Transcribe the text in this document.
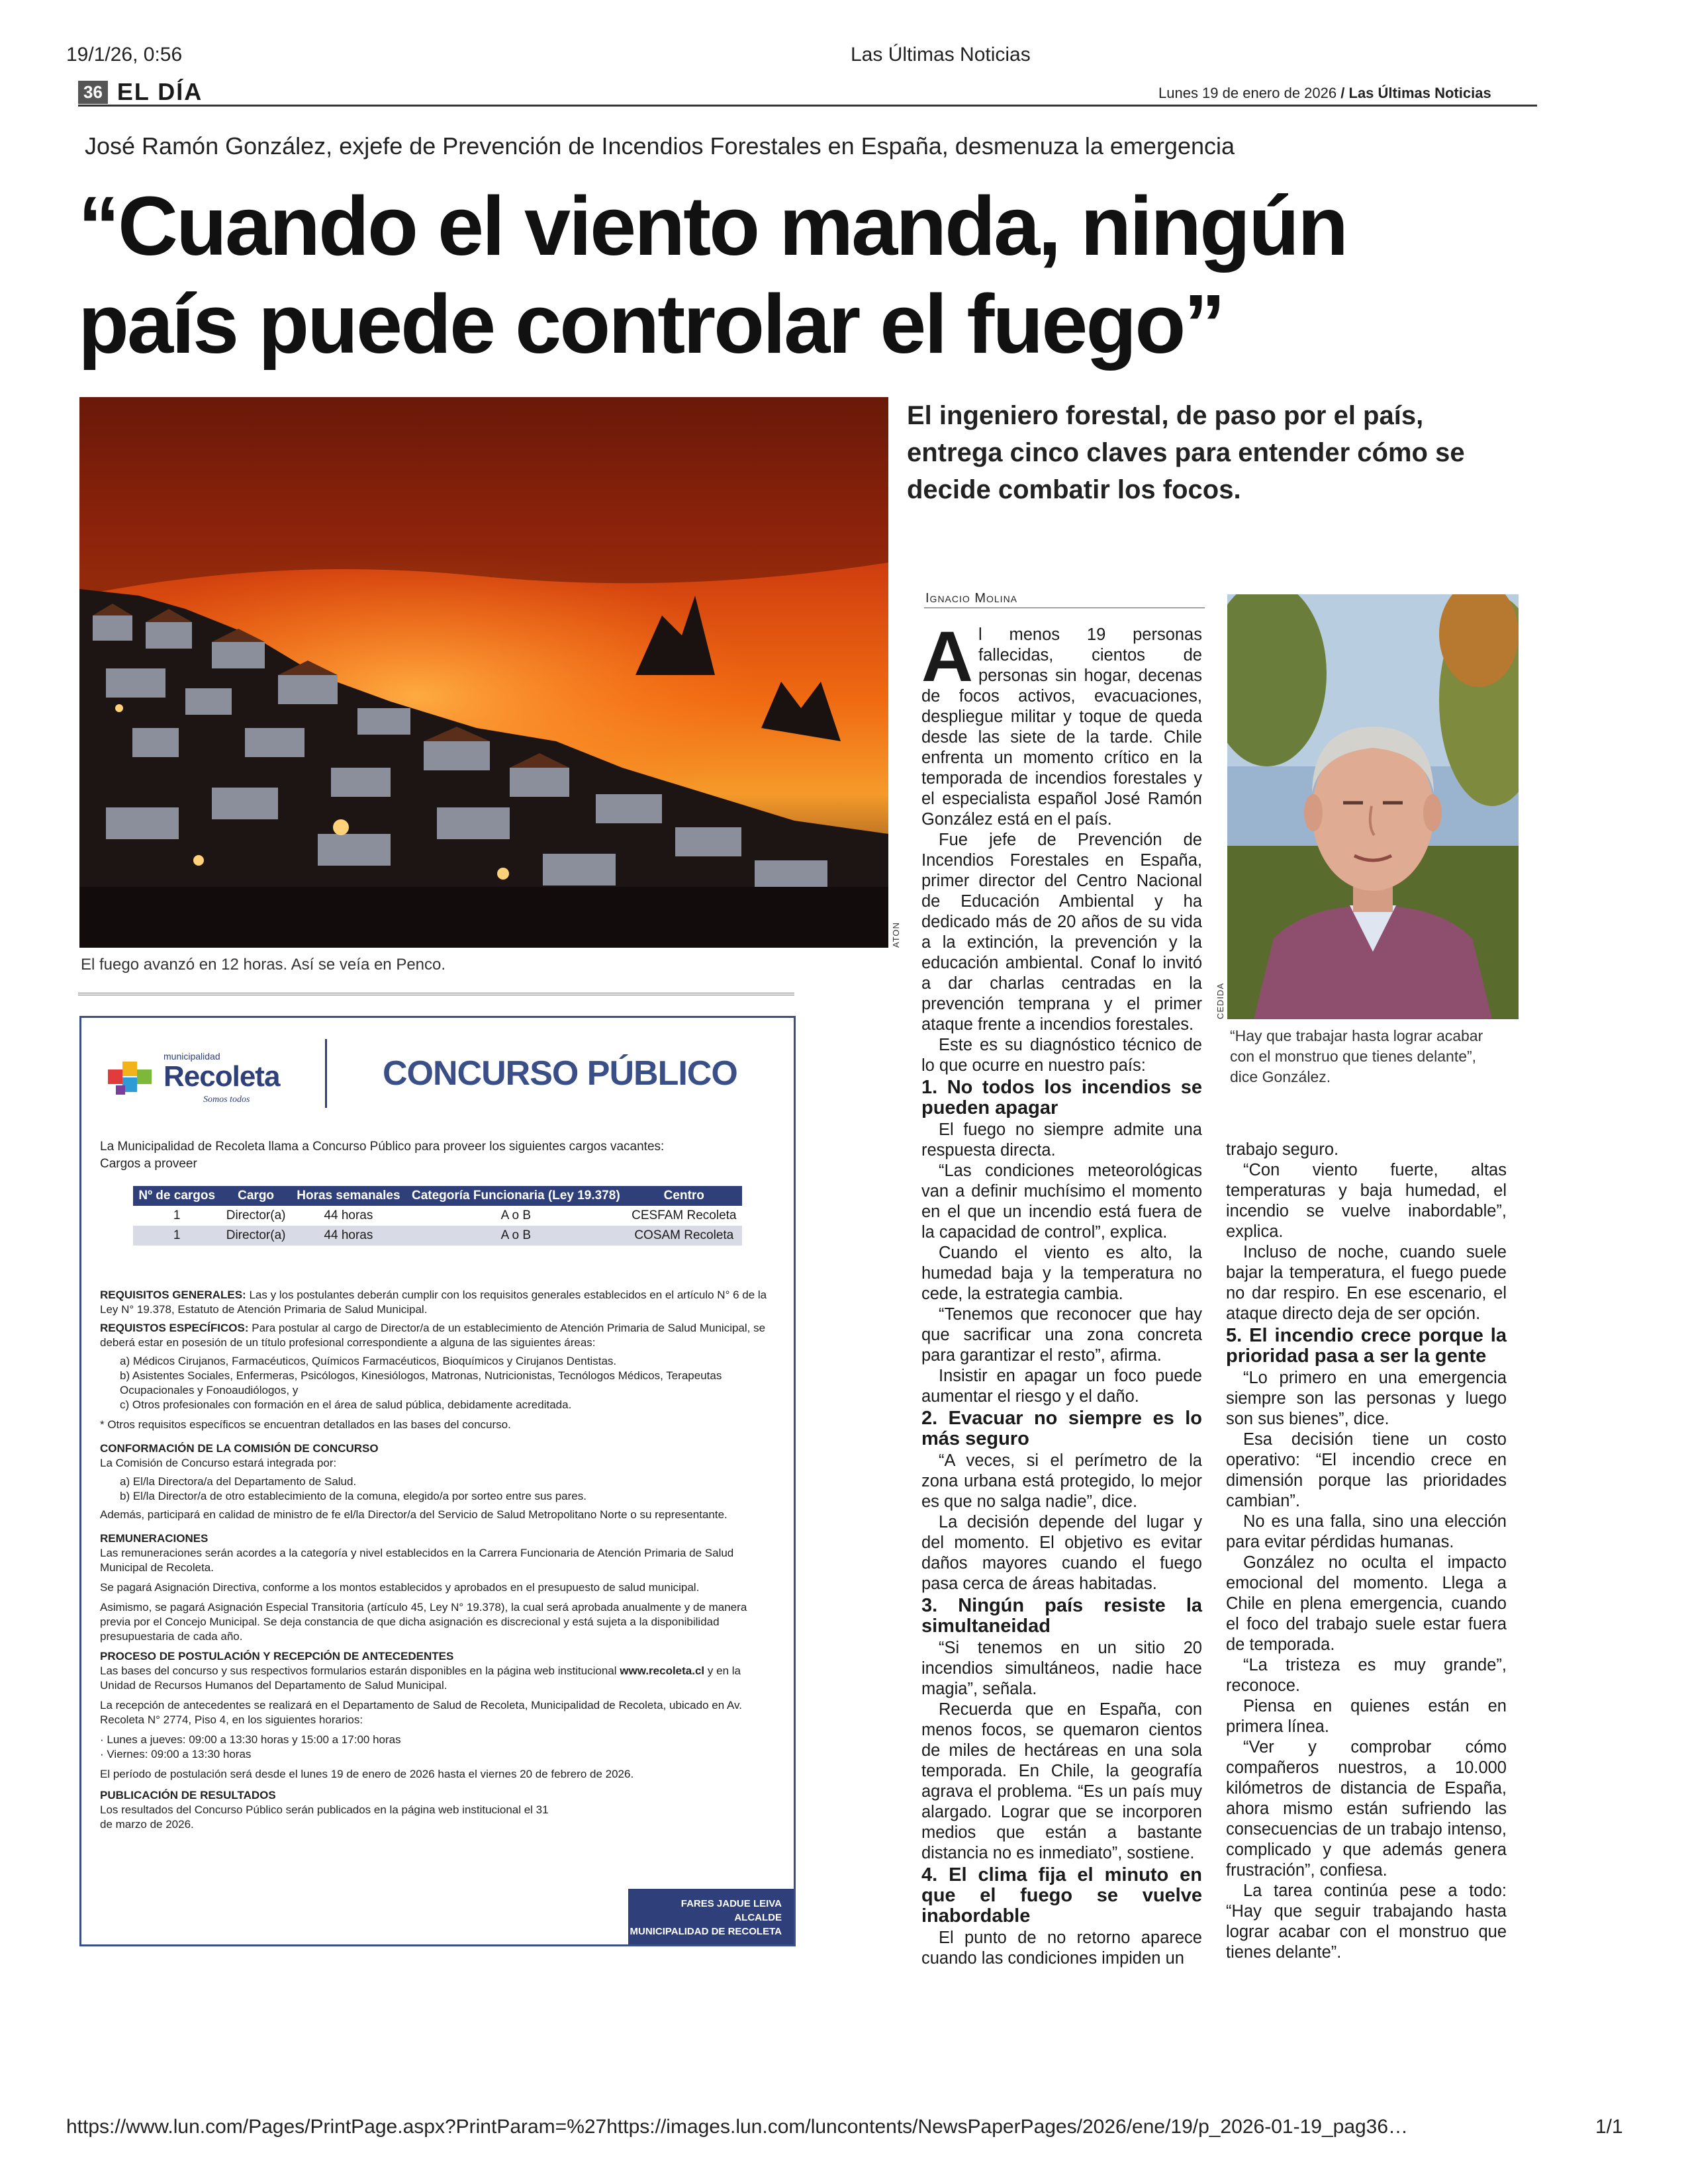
19/1/26, 0:56	Las Últimas Noticias
36 EL DÍA	Lunes 19 de enero de 2026 / Las Últimas Noticias
José Ramón González, exjefe de Prevención de Incendios Forestales en España, desmenuza la emergencia
“Cuando el viento manda, ningún
país puede controlar el fuego”
ATON
El fuego avanzó en 12 horas. Así se veía en Penco.
El ingeniero forestal, de paso por el país, entrega cinco claves para entender cómo se decide combatir los focos.
Ignacio Molina
CEDIDA
“Hay que trabajar hasta lograr acabar con el monstruo que tienes delante”, dice González.
A l menos 19 personas fallecidas, cientos de personas sin hogar, decenas de focos activos, evacuaciones, despliegue militar y toque de queda desde las siete de la tarde. Chile enfrenta un momento crítico en la temporada de incendios forestales y el especialista español José Ramón González está en el país.

Fue jefe de Prevención de Incendios Forestales en España, primer director del Centro Nacional de Educación Ambiental y ha dedicado más de 20 años de su vida a la extinción, la prevención y la educación ambiental. Conaf lo invitó a dar charlas centradas en la prevención temprana y el primer ataque frente a incendios forestales.

Este es su diagnóstico técnico de lo que ocurre en nuestro país:

1. No todos los incendios se pueden apagar

El fuego no siempre admite una respuesta directa.

“Las condiciones meteorológicas van a definir muchísimo el momento en el que un incendio está fuera de la capacidad de control”, explica.

Cuando el viento es alto, la humedad baja y la temperatura no cede, la estrategia cambia.

“Tenemos que reconocer que hay que sacrificar una zona concreta para garantizar el resto”, afirma.

Insistir en apagar un foco puede aumentar el riesgo y el daño.

2. Evacuar no siempre es lo más seguro

“A veces, si el perímetro de la zona urbana está protegido, lo mejor es que no salga nadie”, dice.

La decisión depende del lugar y del momento. El objetivo es evitar daños mayores cuando el fuego pasa cerca de áreas habitadas.

3. Ningún país resiste la simultaneidad

“Si tenemos en un sitio 20 incendios simultáneos, nadie hace magia”, señala.

Recuerda que en España, con menos focos, se quemaron cientos de miles de hectáreas en una sola temporada. En Chile, la geografía agrava el problema. “Es un país muy alargado. Lograr que se incorporen medios que están a bastante distancia no es inmediato”, sostiene.

4. El clima fija el minuto en que el fuego se vuelve inabordable

El punto de no retorno aparece cuando las condiciones impiden un

trabajo seguro.

“Con viento fuerte, altas temperaturas y baja humedad, el incendio se vuelve inabordable”, explica.

Incluso de noche, cuando suele bajar la temperatura, el fuego puede no dar respiro. En ese escenario, el ataque directo deja de ser opción.

5. El incendio crece porque la prioridad pasa a ser la gente

“Lo primero en una emergencia siempre son las personas y luego son sus bienes”, dice.

Esa decisión tiene un costo operativo: “El incendio crece en dimensión porque las prioridades cambian”.

No es una falla, sino una elección para evitar pérdidas humanas.

González no oculta el impacto emocional del momento. Llega a Chile en plena emergencia, cuando el foco del trabajo suele estar fuera de temporada.

“La tristeza es muy grande”, reconoce.

Piensa en quienes están en primera línea.

“Ver y comprobar cómo compañeros nuestros, a 10.000 kilómetros de distancia de España, ahora mismo están sufriendo las consecuencias de un trabajo intenso, complicado y que además genera frustración”, confiesa.

La tarea continúa pese a todo: “Hay que seguir trabajando hasta lograr acabar con el monstruo que tienes delante”.

municipalidad
Recoleta
Somos todos
CONCURSO PÚBLICO
La Municipalidad de Recoleta llama a Concurso Público para proveer los siguientes cargos vacantes:
Cargos a proveer
Nº de cargos	Cargo	Horas semanales	Categoría Funcionaria (Ley 19.378)	Centro
1	Director(a)	44 horas	A o B	CESFAM Recoleta
1	Director(a)	44 horas	A o B	COSAM Recoleta
REQUISITOS GENERALES: Las y los postulantes deberán cumplir con los requisitos generales establecidos en el artículo N° 6 de la Ley N° 19.378, Estatuto de Atención Primaria de Salud Municipal.
REQUISTOS ESPECÍFICOS: Para postular al cargo de Director/a de un establecimiento de Atención Primaria de Salud Municipal, se deberá estar en posesión de un título profesional correspondiente a alguna de las siguientes áreas:
a) Médicos Cirujanos, Farmacéuticos, Químicos Farmacéuticos, Bioquímicos y Cirujanos Dentistas.
b) Asistentes Sociales, Enfermeras, Psicólogos, Kinesiólogos, Matronas, Nutricionistas, Tecnólogos Médicos, Terapeutas Ocupacionales y Fonoaudiólogos, y
c) Otros profesionales con formación en el área de salud pública, debidamente acreditada.
* Otros requisitos específicos se encuentran detallados en las bases del concurso.
CONFORMACIÓN DE LA COMISIÓN DE CONCURSO
La Comisión de Concurso estará integrada por:
a) El/la Directora/a del Departamento de Salud.
b) El/la Director/a de otro establecimiento de la comuna, elegido/a por sorteo entre sus pares.
Además, participará en calidad de ministro de fe el/la Director/a del Servicio de Salud Metropolitano Norte o su representante.
REMUNERACIONES
Las remuneraciones serán acordes a la categoría y nivel establecidos en la Carrera Funcionaria de Atención Primaria de Salud Municipal de Recoleta.
Se pagará Asignación Directiva, conforme a los montos establecidos y aprobados en el presupuesto de salud municipal.
Asimismo, se pagará Asignación Especial Transitoria (artículo 45, Ley N° 19.378), la cual será aprobada anualmente y de manera previa por el Concejo Municipal. Se deja constancia de que dicha asignación es discrecional y está sujeta a la disponibilidad presupuestaria de cada año.
PROCESO DE POSTULACIÓN Y RECEPCIÓN DE ANTECEDENTES
Las bases del concurso y sus respectivos formularios estarán disponibles en la página web institucional www.recoleta.cl y en la Unidad de Recursos Humanos del Departamento de Salud Municipal.
La recepción de antecedentes se realizará en el Departamento de Salud de Recoleta, Municipalidad de Recoleta, ubicado en Av. Recoleta N° 2774, Piso 4, en los siguientes horarios:
· Lunes a jueves: 09:00 a 13:30 horas y 15:00 a 17:00 horas
· Viernes: 09:00 a 13:30 horas
El período de postulación será desde el lunes 19 de enero de 2026 hasta el viernes 20 de febrero de 2026.
PUBLICACIÓN DE RESULTADOS
Los resultados del Concurso Público serán publicados en la página web institucional el 31 de marzo de 2026.
FARES JADUE LEIVA
ALCALDE
MUNICIPALIDAD DE RECOLETA
https://www.lun.com/Pages/PrintPage.aspx?PrintParam=%27https://images.lun.com/luncontents/NewsPaperPages/2026/ene/19/p_2026-01-19_pag36…	1/1
